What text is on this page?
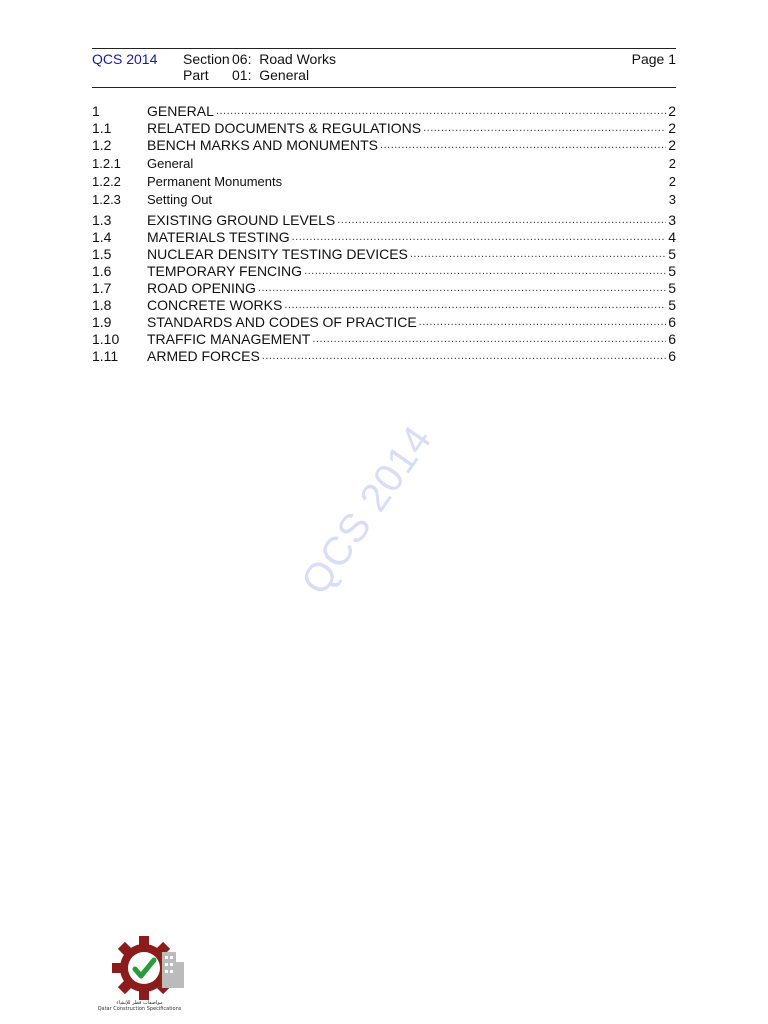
QCS 2014 Section 06:  Road Works
Part 01:  General
Page 1
1	GENERAL .....	2
1.1	RELATED DOCUMENTS & REGULATIONS .....	2
1.2	BENCH MARKS AND MONUMENTS .....	2
1.2.1	General	2
1.2.2	Permanent Monuments	2
1.2.3	Setting Out	3
1.3	EXISTING GROUND LEVELS .....	3
1.4	MATERIALS TESTING .....	4
1.5	NUCLEAR DENSITY TESTING DEVICES .....	5
1.6	TEMPORARY FENCING .....	5
1.7	ROAD OPENING .....	5
1.8	CONCRETE WORKS .....	5
1.9	STANDARDS AND CODES OF PRACTICE .....	6
1.10	TRAFFIC MANAGEMENT .....	6
1.11	ARMED FORCES .....	6
QCS 2014
مواصفات قطر للإنشاء
Qatar Construction Specifications
